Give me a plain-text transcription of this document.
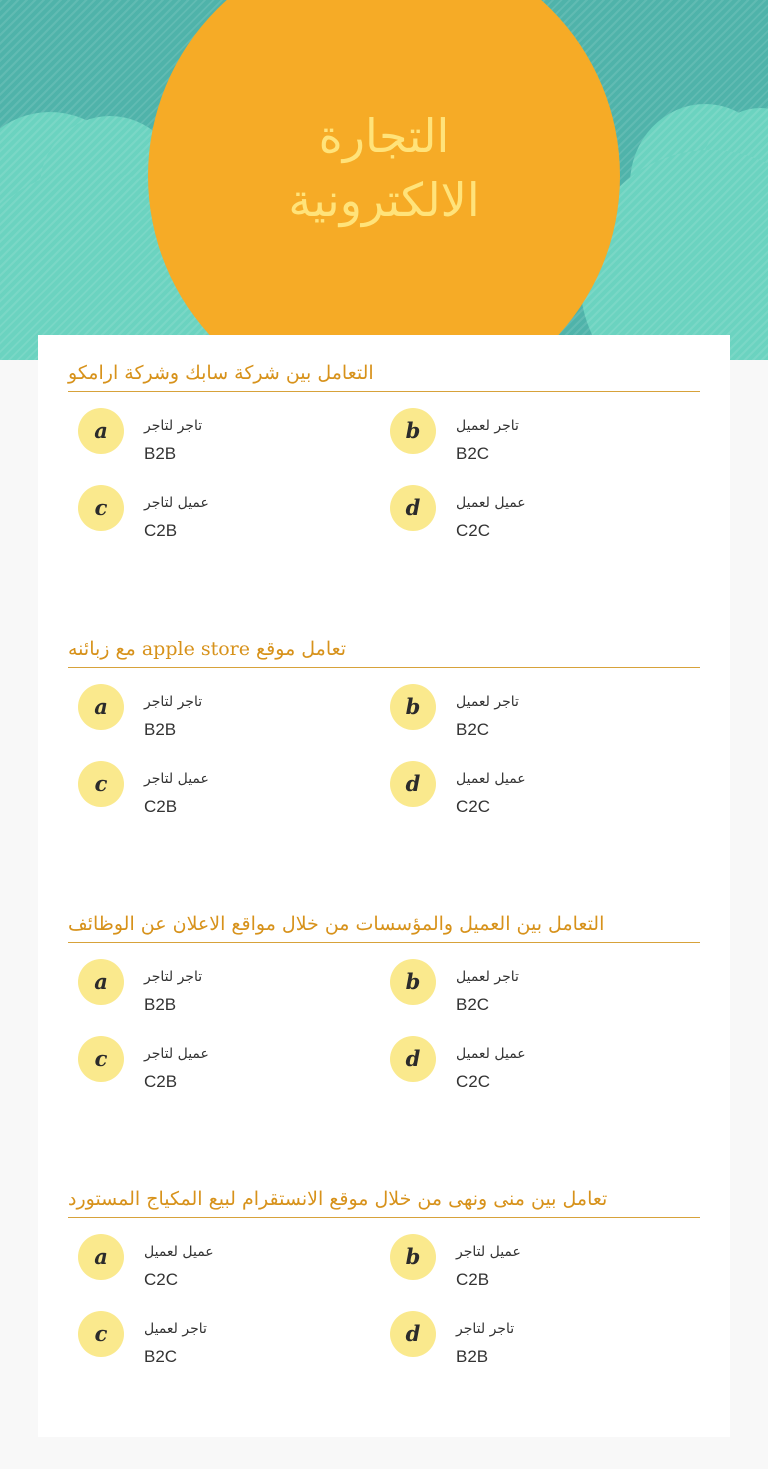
التجارة
الالكترونية
التعامل بين شركة سابك وشركة ارامكو
a	تاجر لتاجر
B2B
b	تاجر لعميل
B2C
c	عميل لتاجر
C2B
d	عميل لعميل
C2C
تعامل موقع apple store مع زبائنه
a	تاجر لتاجر
B2B
b	تاجر لعميل
B2C
c	عميل لتاجر
C2B
d	عميل لعميل
C2C
التعامل بين العميل والمؤسسات من خلال مواقع الاعلان عن الوظائف
a	تاجر لتاجر
B2B
b	تاجر لعميل
B2C
c	عميل لتاجر
C2B
d	عميل لعميل
C2C
تعامل بين منى ونهى من خلال موقع الانستقرام لبيع المكياج المستورد
a	عميل لعميل
C2C
b	عميل لتاجر
C2B
c	تاجر لعميل
B2C
d	تاجر لتاجر
B2B
